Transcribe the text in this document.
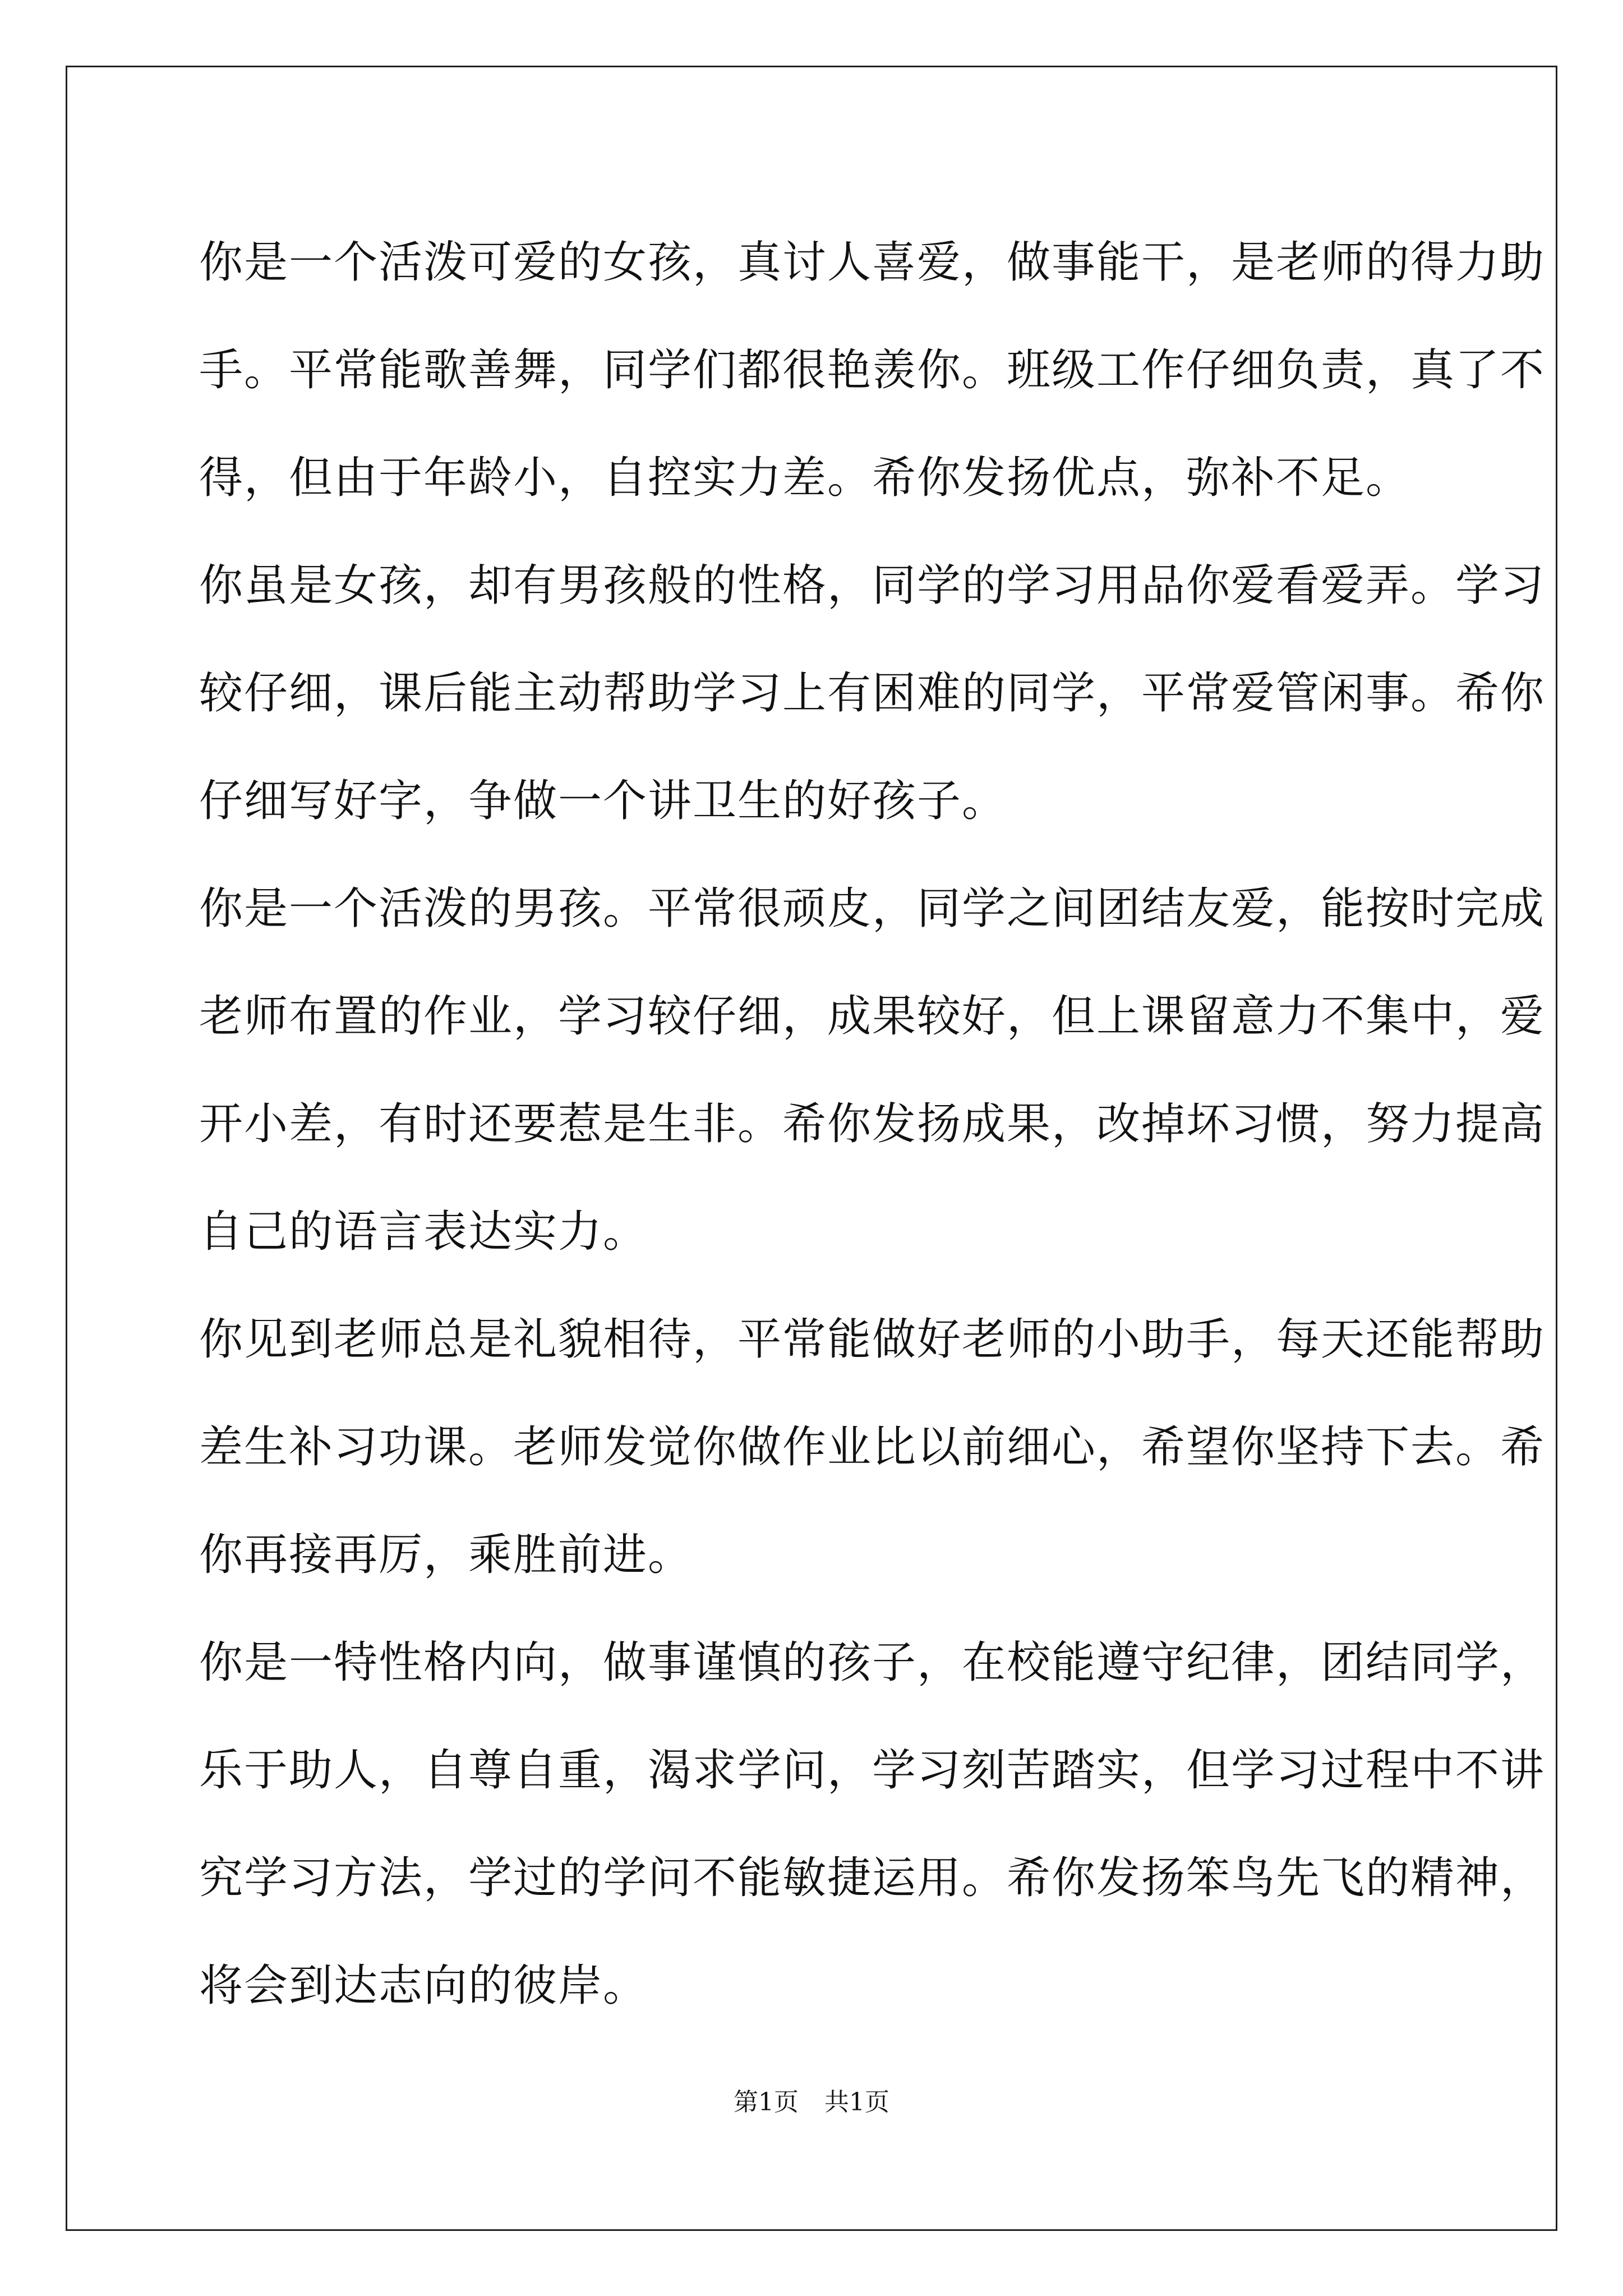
你是一个活泼可爱的女孩，真讨人喜爱，做事能干，是老师的得力助
手。平常能歌善舞，同学们都很艳羡你。班级工作仔细负责，真了不
得，但由于年龄小，自控实力差。希你发扬优点，弥补不足。
你虽是女孩，却有男孩般的性格，同学的学习用品你爱看爱弄。学习
较仔细，课后能主动帮助学习上有困难的同学，平常爱管闲事。希你
仔细写好字，争做一个讲卫生的好孩子。
你是一个活泼的男孩。平常很顽皮，同学之间团结友爱，能按时完成
老师布置的作业，学习较仔细，成果较好，但上课留意力不集中，爱
开小差，有时还要惹是生非。希你发扬成果，改掉坏习惯，努力提高
自己的语言表达实力。
你见到老师总是礼貌相待，平常能做好老师的小助手，每天还能帮助
差生补习功课。老师发觉你做作业比以前细心，希望你坚持下去。希
你再接再厉，乘胜前进。
你是一特性格内向，做事谨慎的孩子，在校能遵守纪律，团结同学，
乐于助人，自尊自重，渴求学问，学习刻苦踏实，但学习过程中不讲
究学习方法，学过的学问不能敏捷运用。希你发扬笨鸟先飞的精神，
将会到达志向的彼岸。
第1页 共1页
